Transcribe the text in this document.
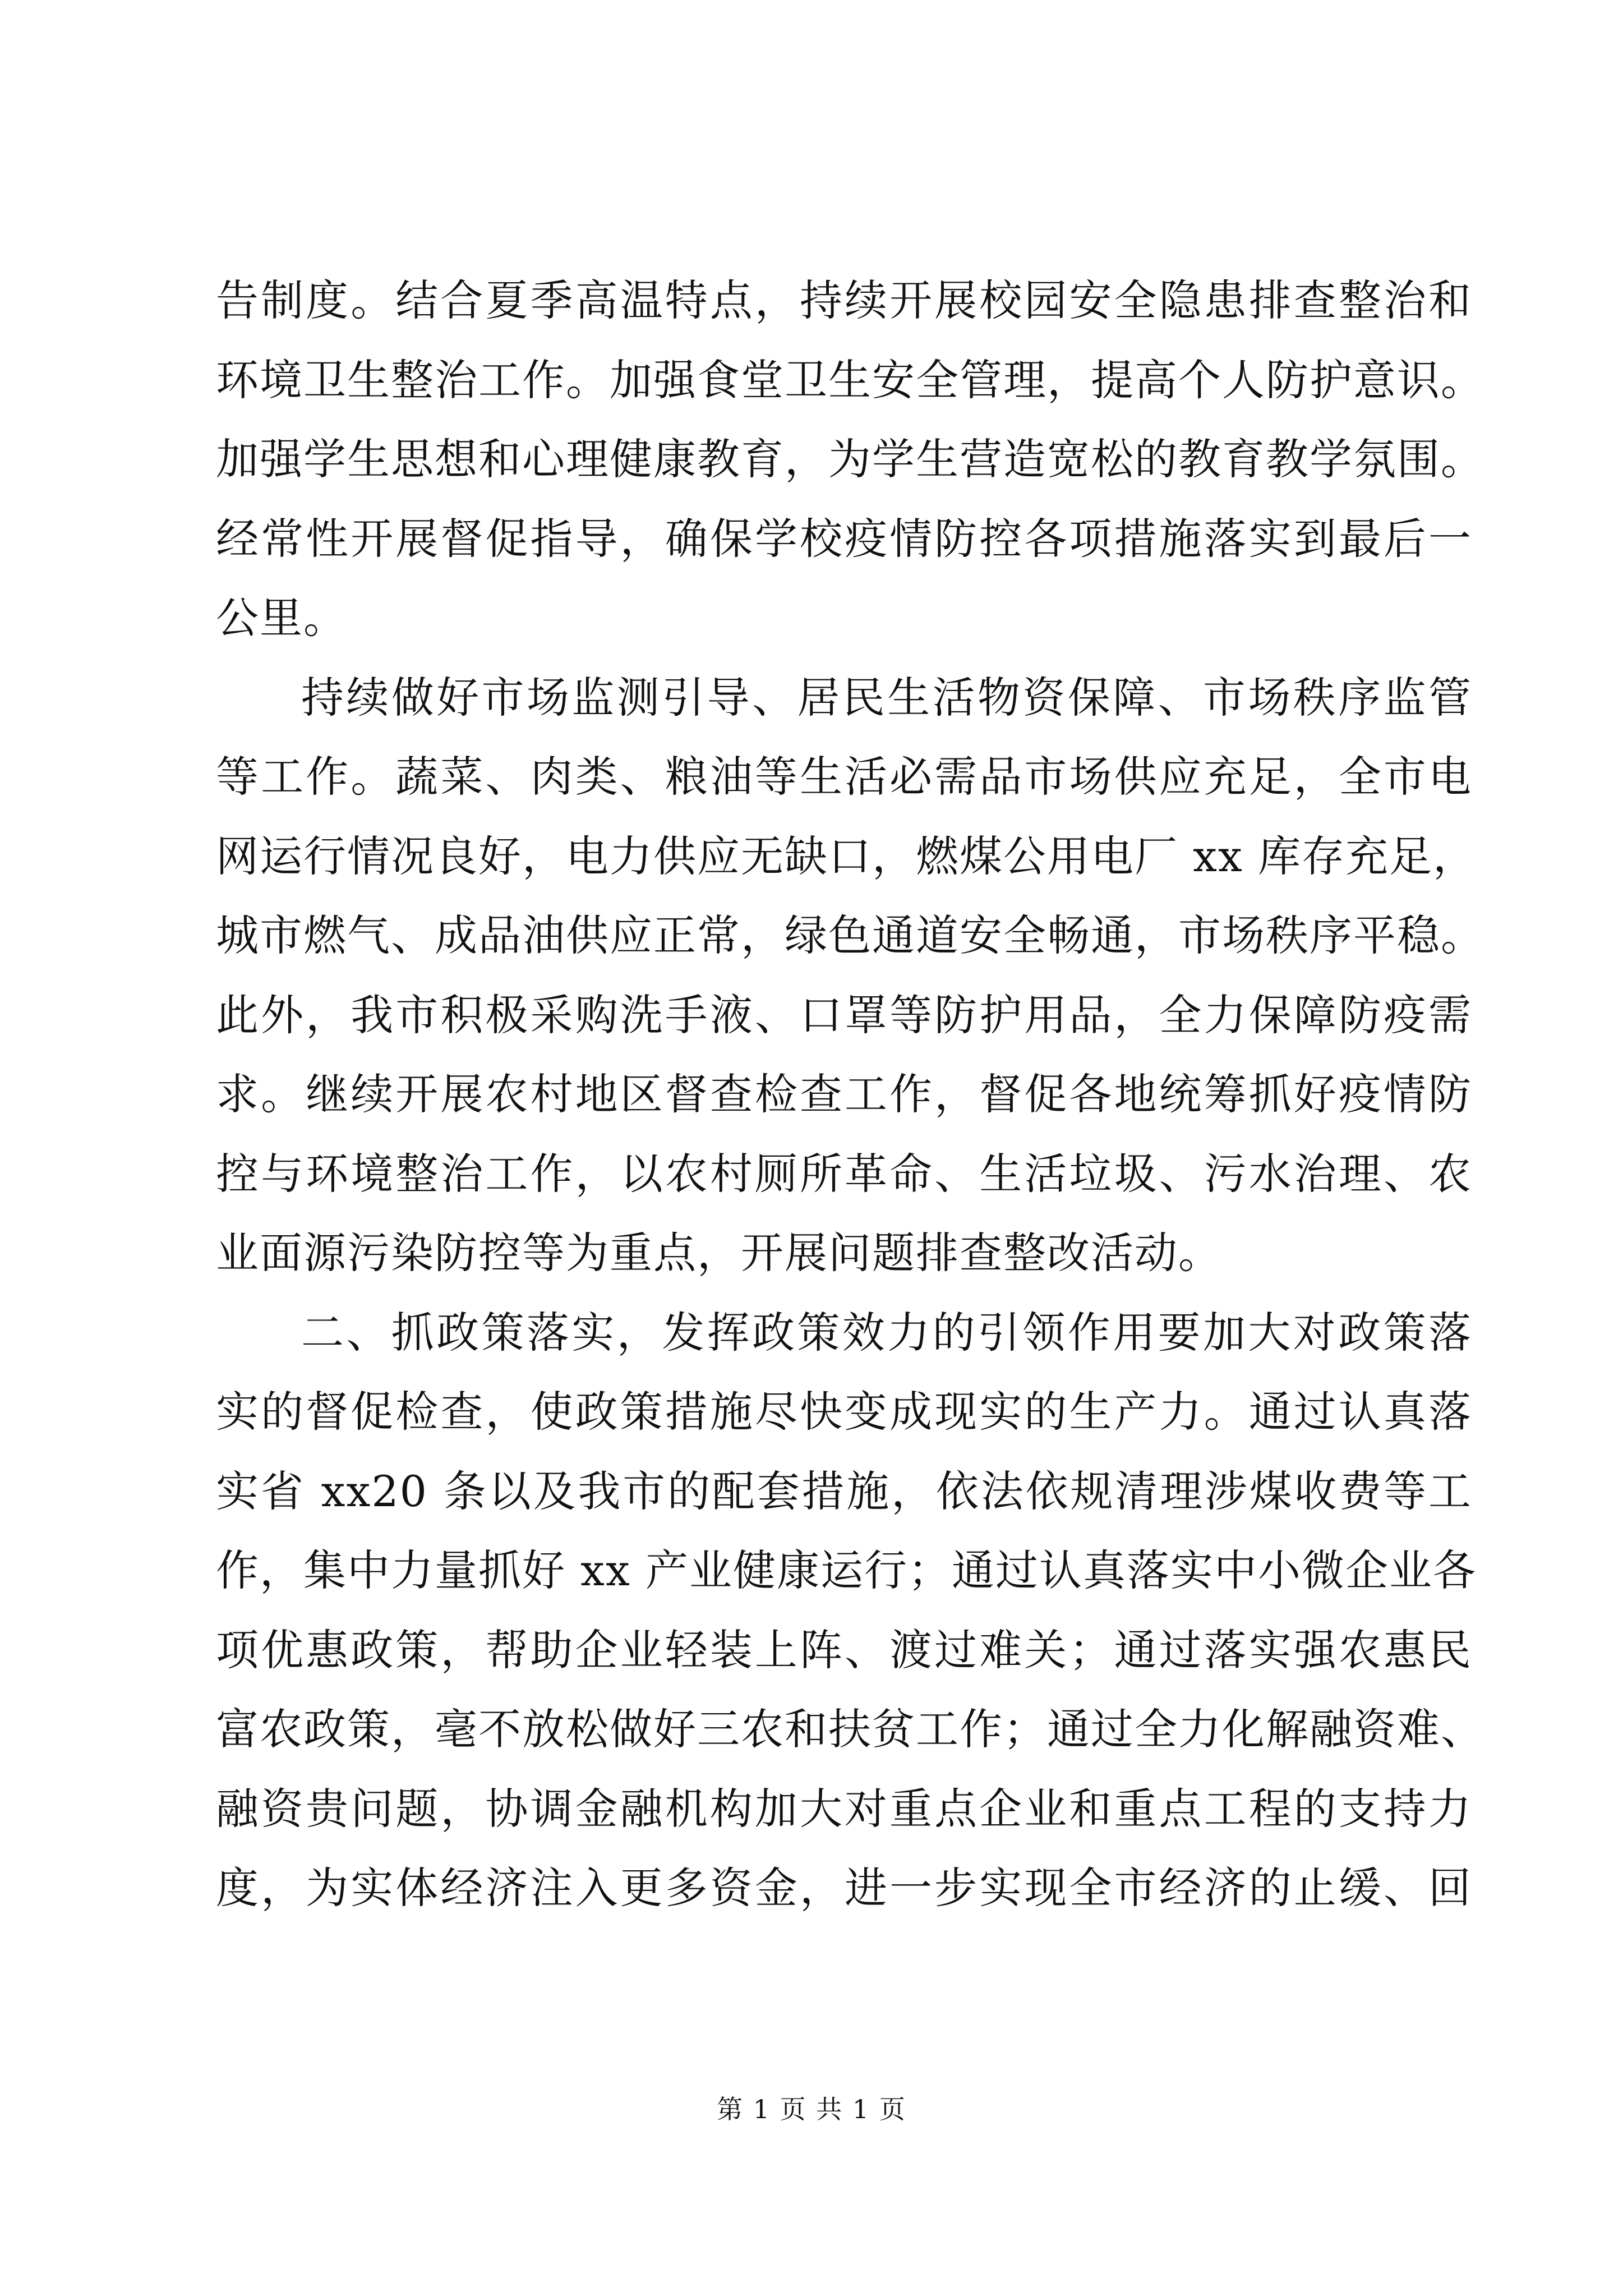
告制度。结合夏季高温特点，持续开展校园安全隐患排查整治和
环境卫生整治工作。加强食堂卫生安全管理，提高个人防护意识。
加强学生思想和心理健康教育，为学生营造宽松的教育教学氛围。
经常性开展督促指导，确保学校疫情防控各项措施落实到最后一
公里。
持续做好市场监测引导、居民生活物资保障、市场秩序监管
等工作。蔬菜、肉类、粮油等生活必需品市场供应充足，全市电
网运行情况良好，电力供应无缺口，燃煤公用电厂 xx 库存充足，
城市燃气、成品油供应正常，绿色通道安全畅通，市场秩序平稳。
此外，我市积极采购洗手液、口罩等防护用品，全力保障防疫需
求。继续开展农村地区督查检查工作，督促各地统筹抓好疫情防
控与环境整治工作，以农村厕所革命、生活垃圾、污水治理、农
业面源污染防控等为重点，开展问题排查整改活动。
二、抓政策落实，发挥政策效力的引领作用要加大对政策落
实的督促检查，使政策措施尽快变成现实的生产力。通过认真落
实省 xx20 条以及我市的配套措施，依法依规清理涉煤收费等工
作，集中力量抓好 xx 产业健康运行；通过认真落实中小微企业各
项优惠政策，帮助企业轻装上阵、渡过难关；通过落实强农惠民
富农政策，毫不放松做好三农和扶贫工作；通过全力化解融资难、
融资贵问题，协调金融机构加大对重点企业和重点工程的支持力
度，为实体经济注入更多资金，进一步实现全市经济的止缓、回
第 1 页 共 1 页
